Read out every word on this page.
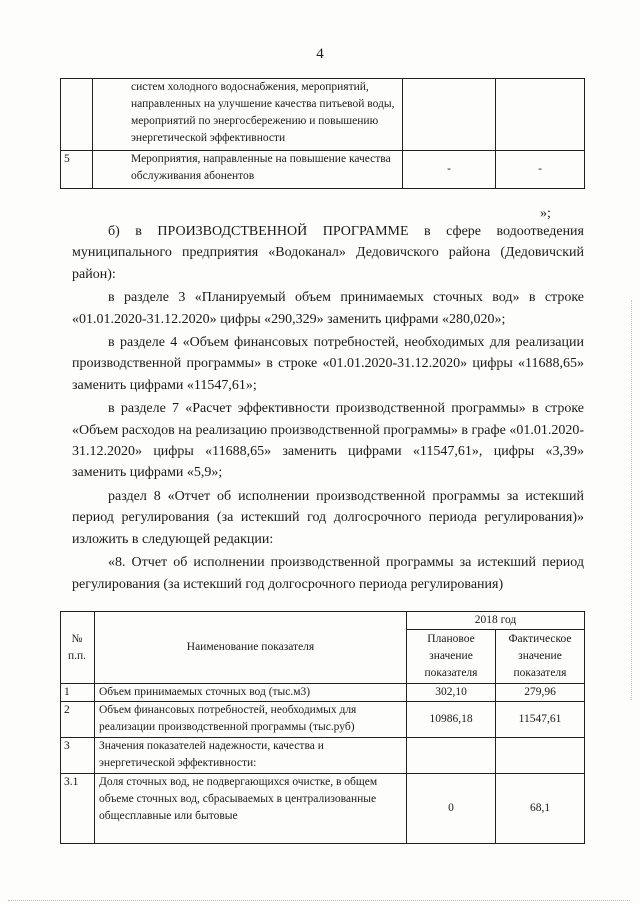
4
	систем холодного водоснабжения, мероприятий, направленных на улучшение качества питьевой воды, мероприятий по энергосбережению и повышению энергетической эффективности		
5	Мероприятия, направленные на повышение качества обслуживания абонентов	-	-
»;

б) в ПРОИЗВОДСТВЕННОЙ ПРОГРАММЕ в сфере водоотведения муниципального предприятия «Водоканал» Дедовичского района (Дедовичский район):

в разделе 3 «Планируемый объем принимаемых сточных вод» в строке «01.01.2020-31.12.2020» цифры «290,329» заменить цифрами «280,020»;

в разделе 4 «Объем финансовых потребностей, необходимых для реализации производственной программы» в строке «01.01.2020-31.12.2020» цифры «11688,65» заменить цифрами «11547,61»;

в разделе 7 «Расчет эффективности производственной программы» в строке «Объем расходов на реализацию производственной программы» в графе «01.01.2020-31.12.2020» цифры «11688,65» заменить цифрами «11547,61», цифры «3,39» заменить цифрами «5,9»;

раздел 8 «Отчет об исполнении производственной программы за истекший период регулирования (за истекший год долгосрочного периода регулирования)» изложить в следующей редакции:

«8. Отчет об исполнении производственной программы за истекший период регулирования (за истекший год долгосрочного периода регулирования)

№ п.п.	Наименование показателя	2018 год	
		Плановое значение показателя	Фактическое значение показателя
1	Объем принимаемых сточных вод (тыс.м3)	302,10	279,96
2	Объем финансовых потребностей, необходимых для реализации производственной программы (тыс.руб)	10986,18	11547,61
3	Значения показателей надежности, качества и энергетической эффективности:		
3.1	Доля сточных вод, не подвергающихся очистке, в общем объеме сточных вод, сбрасываемых в централизованные общесплавные или бытовые	0	68,1
